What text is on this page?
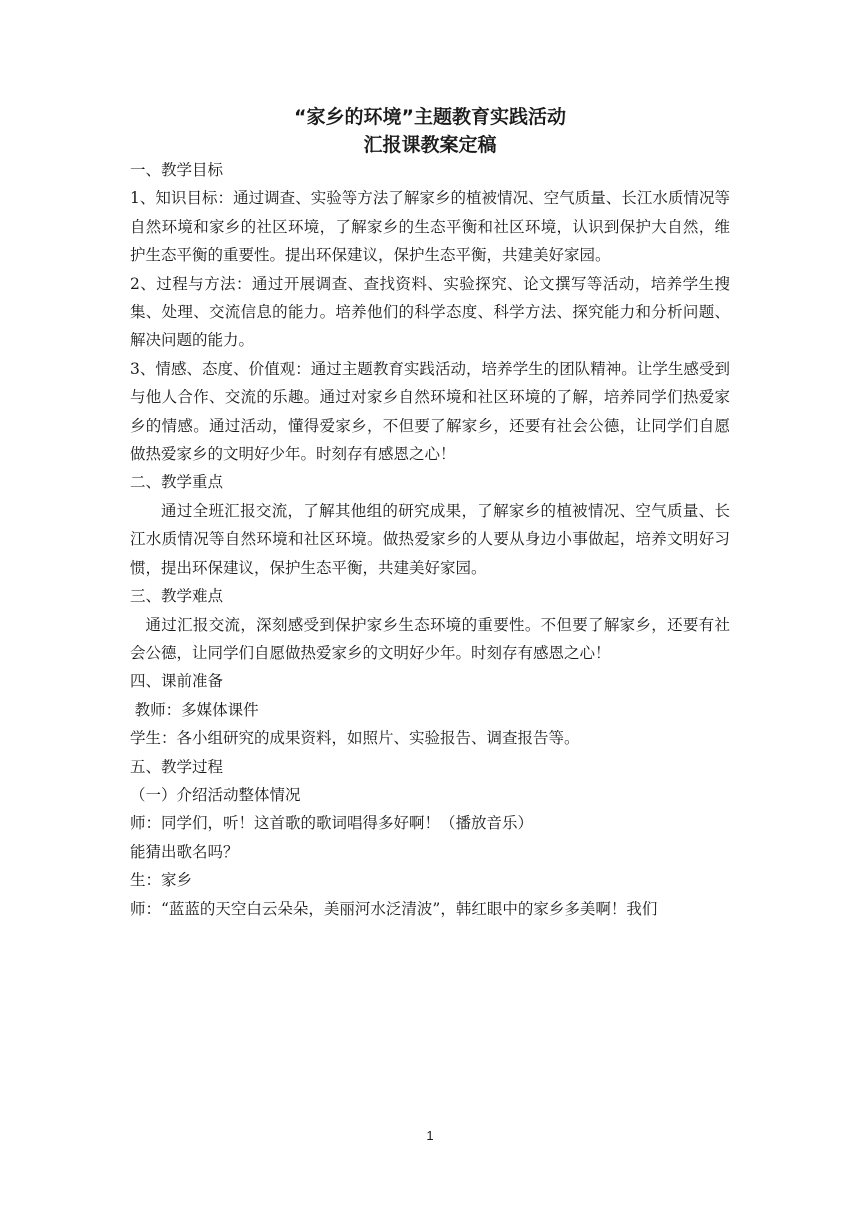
“家乡的环境”主题教育实践活动
汇报课教案定稿

一、教学目标

1、知识目标：通过调查、实验等方法了解家乡的植被情况、空气质量、长江水质情况等自然环境和家乡的社区环境，了解家乡的生态平衡和社区环境，认识到保护大自然，维护生态平衡的重要性。提出环保建议，保护生态平衡，共建美好家园。

2、过程与方法：通过开展调查、查找资料、实验探究、论文撰写等活动，培养学生搜集、处理、交流信息的能力。培养他们的科学态度、科学方法、探究能力和分析问题、解决问题的能力。

3、情感、态度、价值观：通过主题教育实践活动，培养学生的团队精神。让学生感受到与他人合作、交流的乐趣。通过对家乡自然环境和社区环境的了解，培养同学们热爱家乡的情感。通过活动，懂得爱家乡，不但要了解家乡，还要有社会公德，让同学们自愿做热爱家乡的文明好少年。时刻存有感恩之心！

二、教学重点

通过全班汇报交流，了解其他组的研究成果，了解家乡的植被情况、空气质量、长江水质情况等自然环境和社区环境。做热爱家乡的人要从身边小事做起，培养文明好习惯，提出环保建议，保护生态平衡，共建美好家园。

三、教学难点

通过汇报交流，深刻感受到保护家乡生态环境的重要性。不但要了解家乡，还要有社会公德，让同学们自愿做热爱家乡的文明好少年。时刻存有感恩之心！

四、课前准备

教师：多媒体课件

学生：各小组研究的成果资料，如照片、实验报告、调查报告等。

五、教学过程

（一）介绍活动整体情况

师：同学们，听！这首歌的歌词唱得多好啊！（播放音乐）

能猜出歌名吗？

生：家乡

师：“蓝蓝的天空白云朵朵，美丽河水泛清波”，韩红眼中的家乡多美啊！我们

1
